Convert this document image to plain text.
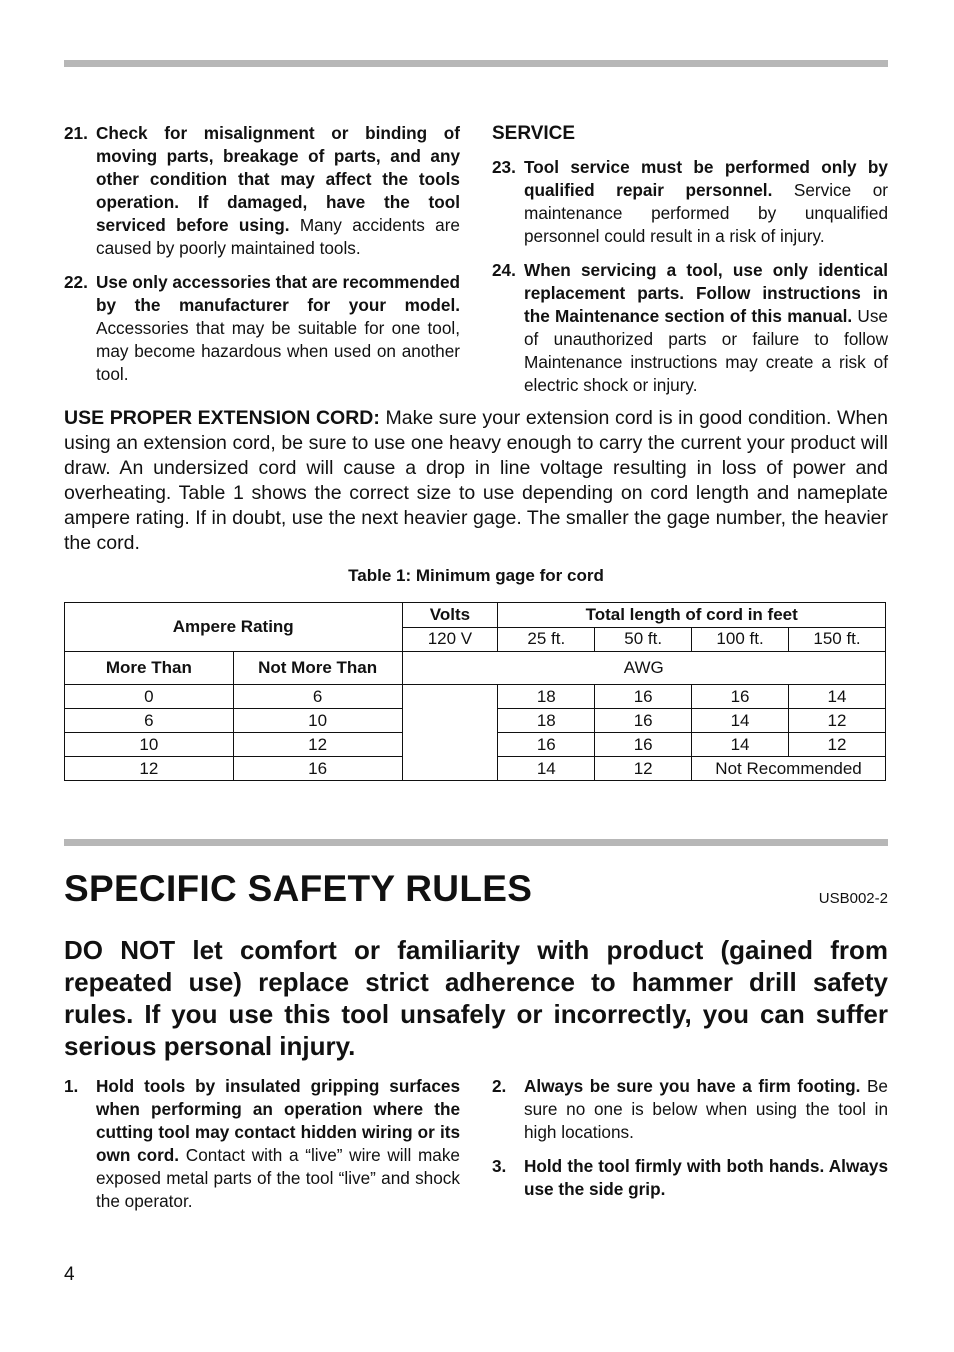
21. Check for misalignment or binding of moving parts, breakage of parts, and any other condition that may affect the tools operation. If damaged, have the tool serviced before using. Many accidents are caused by poorly maintained tools.
22. Use only accessories that are recommended by the manufacturer for your model. Accessories that may be suitable for one tool, may become hazardous when used on another tool.
SERVICE
23. Tool service must be performed only by qualified repair personnel. Service or maintenance performed by unqualified personnel could result in a risk of injury.
24. When servicing a tool, use only identical replacement parts. Follow instructions in the Maintenance section of this manual. Use of unauthorized parts or failure to follow Maintenance instructions may create a risk of electric shock or injury.
USE PROPER EXTENSION CORD: Make sure your extension cord is in good condition. When using an extension cord, be sure to use one heavy enough to carry the current your product will draw. An undersized cord will cause a drop in line voltage resulting in loss of power and overheating. Table 1 shows the correct size to use depending on cord length and nameplate ampere rating. If in doubt, use the next heavier gage. The smaller the gage number, the heavier the cord.
Table 1: Minimum gage for cord
Ampere Rating		Volts	Total length of cord in feet			
		120 V	25 ft.	50 ft.	100 ft.	150 ft.
More Than	Not More Than	AWG				
0	6		18	16	16	14
6	10		18	16	14	12
10	12		16	16	14	12
12	16		14	12	Not Recommended	
SPECIFIC SAFETY RULES	USB002-2
DO NOT let comfort or familiarity with product (gained from repeated use) replace strict adherence to hammer drill safety rules. If you use this tool unsafely or incorrectly, you can suffer serious personal injury.
1.	Hold tools by insulated gripping surfaces when performing an operation where the cutting tool may contact hidden wiring or its own cord. Contact with a “live” wire will make exposed metal parts of the tool “live” and shock the operator.
2.	Always be sure you have a firm footing. Be sure no one is below when using the tool in high locations.
3.	Hold the tool firmly with both hands. Always use the side grip.
4
